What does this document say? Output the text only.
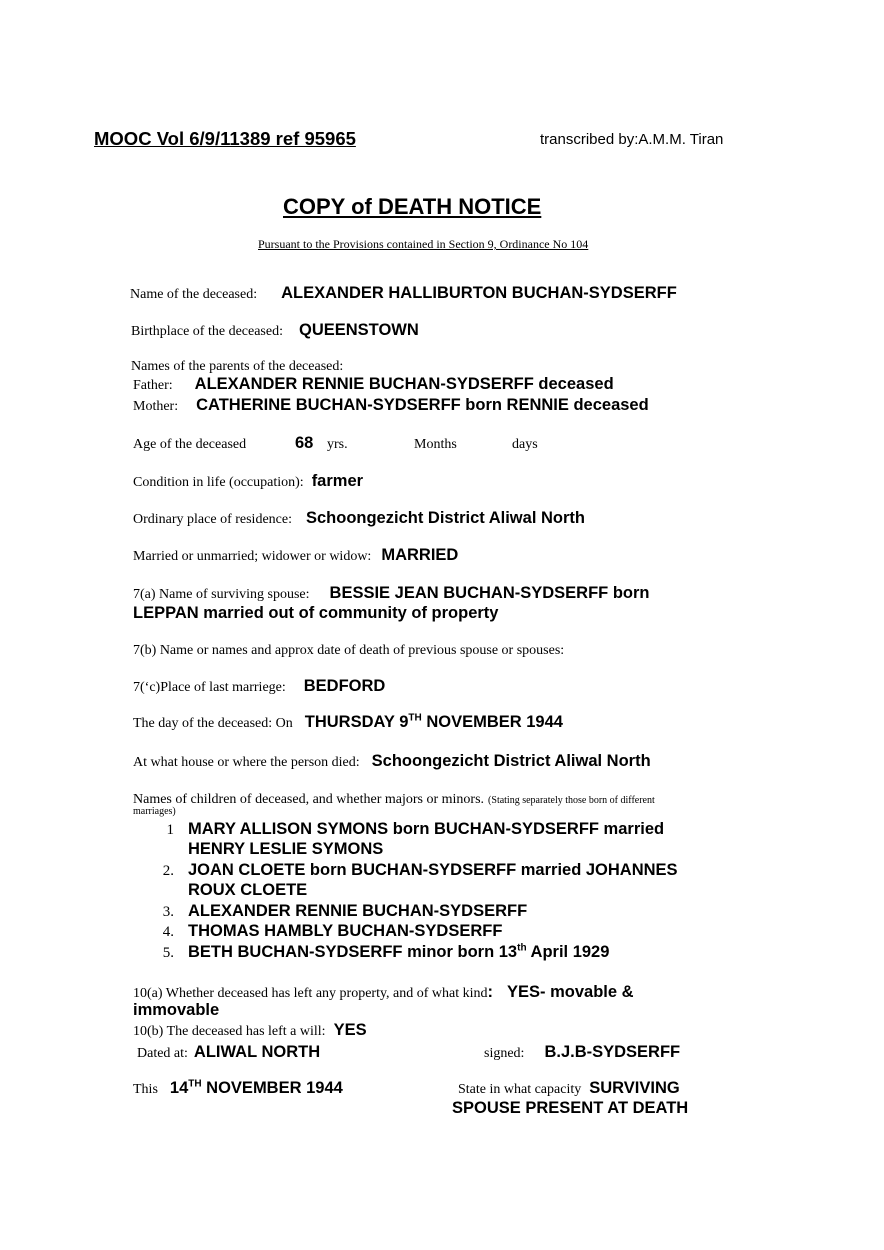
MOOC Vol 6/9/11389 ref 95965	transcribed by:A.M.M. Tiran
COPY of DEATH NOTICE
Pursuant to the Provisions contained in Section 9, Ordinance No 104
Name of the deceased: ALEXANDER HALLIBURTON BUCHAN-SYDSERFF
Birthplace of the deceased: QUEENSTOWN
Names of the parents of the deceased:
Father: ALEXANDER RENNIE BUCHAN-SYDSERFF deceased
Mother: CATHERINE BUCHAN-SYDSERFF born RENNIE deceased
Age of the deceased	68 yrs.	Months	days
Condition in life (occupation): farmer
Ordinary place of residence: Schoongezicht District Aliwal North
Married or unmarried; widower or widow: MARRIED
7(a) Name of surviving spouse: BESSIE JEAN BUCHAN-SYDSERFF born
LEPPAN married out of community of property
7(b) Name or names and approx date of death of previous spouse or spouses:
7(‘c)Place of last marriege: BEDFORD
The day of the deceased: On THURSDAY 9TH NOVEMBER 1944
At what house or where the person died: Schoongezicht District Aliwal North
Names of children of deceased, and whether majors or minors. (Stating separately those born of different
marriages)
1 MARY ALLISON SYMONS born BUCHAN-SYDSERFF married
HENRY LESLIE SYMONS
2. JOAN CLOETE born BUCHAN-SYDSERFF married JOHANNES
ROUX CLOETE
3. ALEXANDER RENNIE BUCHAN-SYDSERFF
4. THOMAS HAMBLY BUCHAN-SYDSERFF
5. BETH BUCHAN-SYDSERFF minor born 13th April 1929
10(a) Whether deceased has left any property, and of what kind: YES- movable &
immovable
10(b) The deceased has left a will: YES
Dated at: ALIWAL NORTH	signed: B.J.B-SYDSERFF
This 14TH NOVEMBER 1944	State in what capacity SURVIVING
SPOUSE PRESENT AT DEATH
